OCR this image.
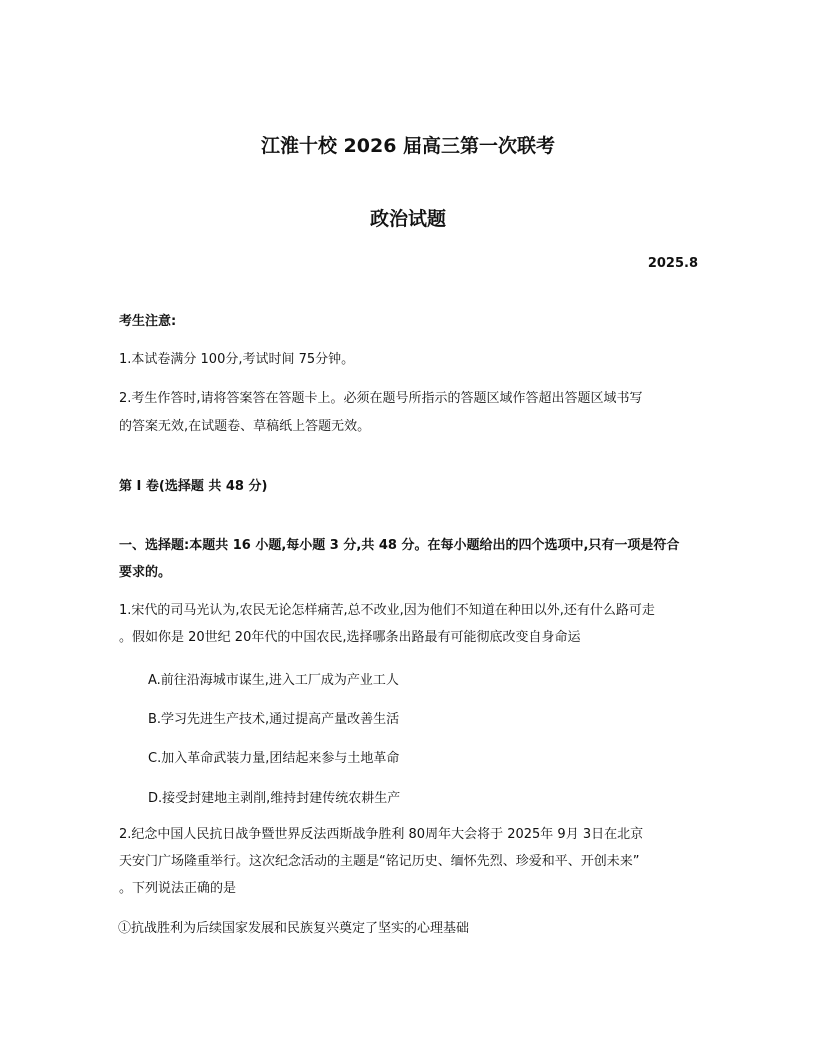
江淮十校 2026 届高三第一次联考
政治试题
2025.8
考生注意:
1.本试卷满分 100分,考试时间 75分钟。
2.考生作答时,请将答案答在答题卡上。必须在题号所指示的答题区域作答超出答题区域书写
的答案无效,在试题卷、草稿纸上答题无效。
第 I 卷(选择题 共 48 分)
一、选择题:本题共 16 小题,每小题 3 分,共 48 分。在每小题给出的四个选项中,只有一项是符合
要求的。
1.宋代的司马光认为,农民无论怎样痛苦,总不改业,因为他们不知道在种田以外,还有什么路可走
。假如你是 20世纪 20年代的中国农民,选择哪条出路最有可能彻底改变自身命运
A.前往沿海城市谋生,进入工厂成为产业工人
B.学习先进生产技术,通过提高产量改善生活
C.加入革命武装力量,团结起来参与土地革命
D.接受封建地主剥削,维持封建传统农耕生产
2.纪念中国人民抗日战争暨世界反法西斯战争胜利 80周年大会将于 2025年 9月 3日在北京
天安门广场隆重举行。这次纪念活动的主题是“铭记历史、缅怀先烈、珍爱和平、开创未来”
。下列说法正确的是
①抗战胜利为后续国家发展和民族复兴奠定了坚实的心理基础
